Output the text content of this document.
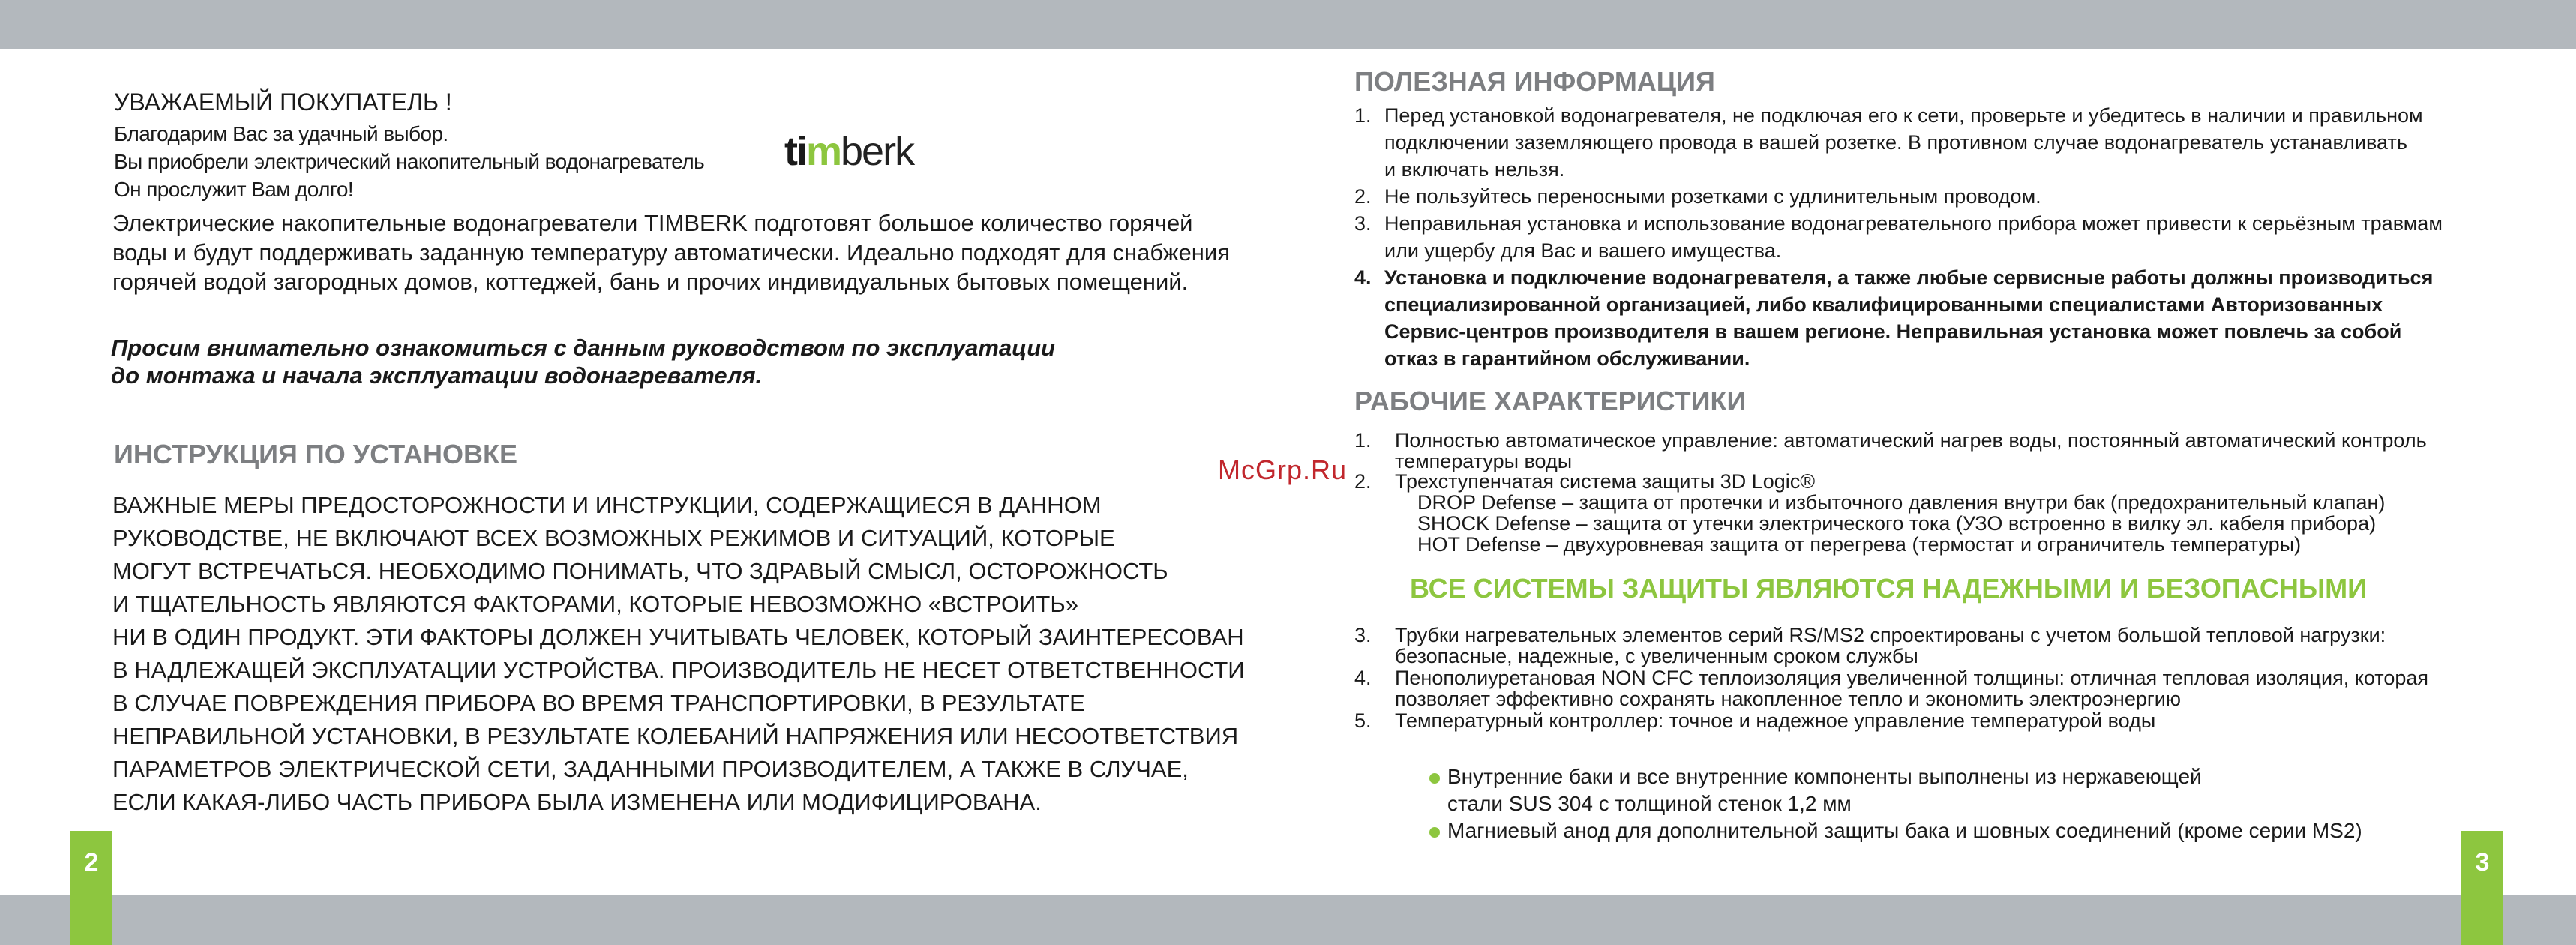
2	3
УВАЖАЕМЫЙ ПОКУПАТЕЛЬ !
Благодарим Вас за удачный выбор.
Вы приобрели электрический накопительный водонагреватель
Он прослужит Вам долго!
timberk
Электрические накопительные водонагреватели TIMBERK подготовят большое количество горячей
воды и будут поддерживать заданную температуру автоматически. Идеально подходят для снабжения
горячей водой загородных домов, коттеджей, бань и прочих индивидуальных бытовых помещений.
Просим внимательно ознакомиться с данным руководством по эксплуатации
до монтажа и начала эксплуатации водонагревателя.
ИНСТРУКЦИЯ ПО УСТАНОВКЕ
ВАЖНЫЕ МЕРЫ ПРЕДОСТОРОЖНОСТИ И ИНСТРУКЦИИ, СОДЕРЖАЩИЕСЯ В ДАННОМ
РУКОВОДСТВЕ, НЕ ВКЛЮЧАЮТ ВСЕХ ВОЗМОЖНЫХ РЕЖИМОВ И СИТУАЦИЙ, КОТОРЫЕ
МОГУТ ВСТРЕЧАТЬСЯ. НЕОБХОДИМО ПОНИМАТЬ, ЧТО ЗДРАВЫЙ СМЫСЛ, ОСТОРОЖНОСТЬ
И ТЩАТЕЛЬНОСТЬ ЯВЛЯЮТСЯ ФАКТОРАМИ, КОТОРЫЕ НЕВОЗМОЖНО «ВСТРОИТЬ»
НИ В ОДИН ПРОДУКТ. ЭТИ ФАКТОРЫ ДОЛЖЕН УЧИТЫВАТЬ ЧЕЛОВЕК, КОТОРЫЙ ЗАИНТЕРЕСОВАН
В НАДЛЕЖАЩЕЙ ЭКСПЛУАТАЦИИ УСТРОЙСТВА. ПРОИЗВОДИТЕЛЬ НЕ НЕСЕТ ОТВЕТСТВЕННОСТИ
В СЛУЧАЕ ПОВРЕЖДЕНИЯ ПРИБОРА ВО ВРЕМЯ ТРАНСПОРТИРОВКИ, В РЕЗУЛЬТАТЕ
НЕПРАВИЛЬНОЙ УСТАНОВКИ, В РЕЗУЛЬТАТЕ КОЛЕБАНИЙ НАПРЯЖЕНИЯ ИЛИ НЕСООТВЕТСТВИЯ
ПАРАМЕТРОВ ЭЛЕКТРИЧЕСКОЙ СЕТИ, ЗАДАННЫМИ ПРОИЗВОДИТЕЛЕМ, А ТАКЖЕ В СЛУЧАЕ,
ЕСЛИ КАКАЯ-ЛИБО ЧАСТЬ ПРИБОРА БЫЛА ИЗМЕНЕНА ИЛИ МОДИФИЦИРОВАНА.
ПОЛЕЗНАЯ ИНФОРМАЦИЯ
1. Перед установкой водонагревателя, не подключая его к сети, проверьте и убедитесь в наличии и правильном
подключении заземляющего провода в вашей розетке. В противном случае водонагреватель устанавливать
и включать нельзя.
2. Не пользуйтесь переносными розетками с удлинительным проводом.
3. Неправильная установка и использование водонагревательного прибора может привести к серьёзным травмам
или ущербу для Вас и вашего имущества.
4. Установка и подключение водонагревателя, а также любые сервисные работы должны производиться
специализированной организацией, либо квалифицированными специалистами Авторизованных
Сервис-центров производителя в вашем регионе. Неправильная установка может повлечь за собой
отказ в гарантийном обслуживании.
РАБОЧИЕ ХАРАКТЕРИСТИКИ
1. Полностью автоматическое управление: автоматический нагрев воды, постоянный автоматический контроль
температуры воды
2. Трехступенчатая система защиты 3D Logic®
DROP Defense – защита от протечки и избыточного давления внутри бак (предохранительный клапан)
SHOCK Defense – защита от утечки электрического тока (УЗО встроенно в вилку эл. кабеля прибора)
HOT Defense – двухуровневая защита от перегрева (термостат и ограничитель температуры)
ВСЕ СИСТЕМЫ ЗАЩИТЫ ЯВЛЯЮТСЯ НАДЕЖНЫМИ И БЕЗОПАСНЫМИ
3. Трубки нагревательных элементов серий RS/MS2 спроектированы с учетом большой тепловой нагрузки:
безопасные, надежные, с увеличенным сроком службы
4. Пенополиуретановая NON CFC теплоизоляция увеличенной толщины: отличная тепловая изоляция, которая
позволяет эффективно сохранять накопленное тепло и экономить электроэнергию
5. Температурный контроллер: точное и надежное управление температурой воды
Внутренние баки и все внутренние компоненты выполнены из нержавеющей
стали SUS 304 с толщиной стенок 1,2 мм
Магниевый анод для дополнительной защиты бака и шовных соединений (кроме серии MS2)
McGrp.Ru
